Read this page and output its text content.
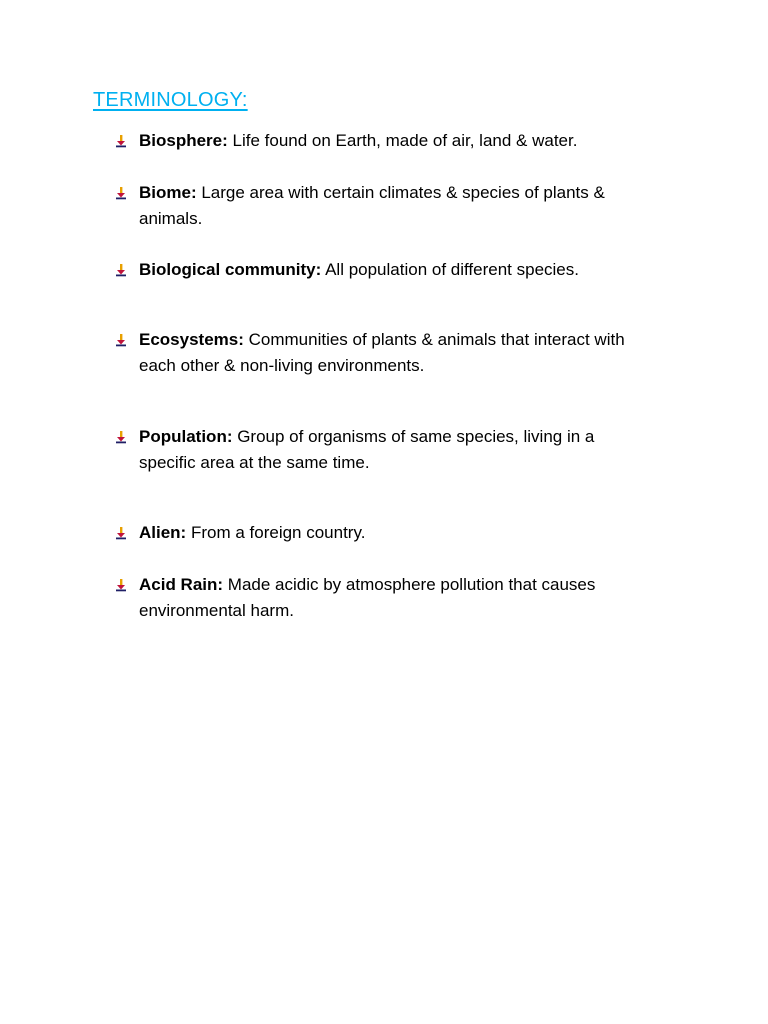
TERMINOLOGY:
Biosphere: Life found on Earth, made of air, land & water.
Biome: Large area with certain climates & species of plants & animals.
Biological community: All population of different species.
Ecosystems: Communities of plants & animals that interact with each other & non-living environments.
Population: Group of organisms of same species, living in a specific area at the same time.
Alien: From a foreign country.
Acid Rain: Made acidic by atmosphere pollution that causes environmental harm.
